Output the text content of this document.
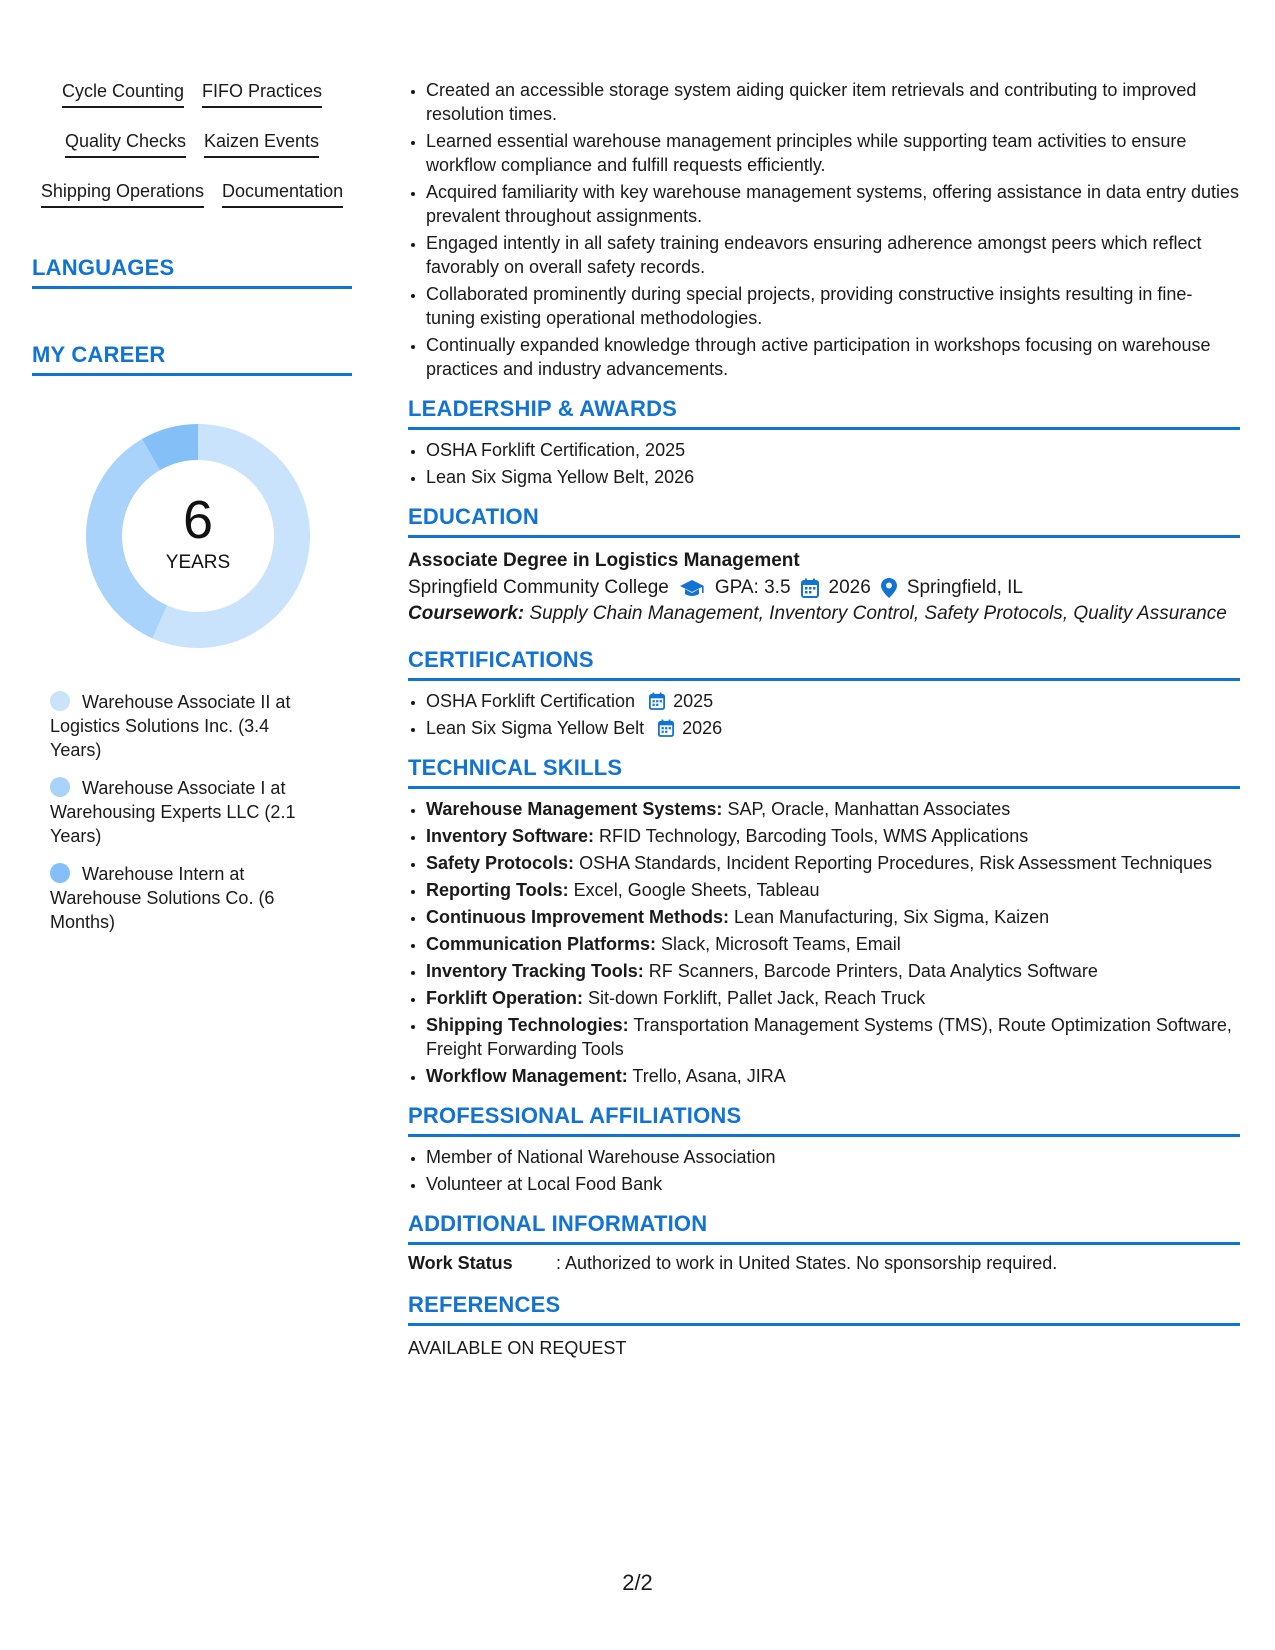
Cycle Counting FIFO Practices
Quality Checks Kaizen Events
Shipping Operations Documentation
LANGUAGES
MY CAREER
6
YEARS
Warehouse Associate II at Logistics Solutions Inc. (3.4 Years)
Warehouse Associate I at Warehousing Experts LLC (2.1 Years)
Warehouse Intern at Warehouse Solutions Co. (6 Months)
• Created an accessible storage system aiding quicker item retrievals and contributing to improved resolution times.
• Learned essential warehouse management principles while supporting team activities to ensure workflow compliance and fulfill requests efficiently.
• Acquired familiarity with key warehouse management systems, offering assistance in data entry duties prevalent throughout assignments.
• Engaged intently in all safety training endeavors ensuring adherence amongst peers which reflect favorably on overall safety records.
• Collaborated prominently during special projects, providing constructive insights resulting in fine-tuning existing operational methodologies.
• Continually expanded knowledge through active participation in workshops focusing on warehouse practices and industry advancements.
LEADERSHIP & AWARDS
• OSHA Forklift Certification, 2025
• Lean Six Sigma Yellow Belt, 2026
EDUCATION
Associate Degree in Logistics Management
Springfield Community College GPA: 3.5 2026 Springfield, IL
Coursework: Supply Chain Management, Inventory Control, Safety Protocols, Quality Assurance
CERTIFICATIONS
• OSHA Forklift Certification 2025
• Lean Six Sigma Yellow Belt 2026
TECHNICAL SKILLS
• Warehouse Management Systems: SAP, Oracle, Manhattan Associates
• Inventory Software: RFID Technology, Barcoding Tools, WMS Applications
• Safety Protocols: OSHA Standards, Incident Reporting Procedures, Risk Assessment Techniques
• Reporting Tools: Excel, Google Sheets, Tableau
• Continuous Improvement Methods: Lean Manufacturing, Six Sigma, Kaizen
• Communication Platforms: Slack, Microsoft Teams, Email
• Inventory Tracking Tools: RF Scanners, Barcode Printers, Data Analytics Software
• Forklift Operation: Sit-down Forklift, Pallet Jack, Reach Truck
• Shipping Technologies: Transportation Management Systems (TMS), Route Optimization Software, Freight Forwarding Tools
• Workflow Management: Trello, Asana, JIRA
PROFESSIONAL AFFILIATIONS
• Member of National Warehouse Association
• Volunteer at Local Food Bank
ADDITIONAL INFORMATION
Work Status	: Authorized to work in United States. No sponsorship required.
REFERENCES
AVAILABLE ON REQUEST
2/2
